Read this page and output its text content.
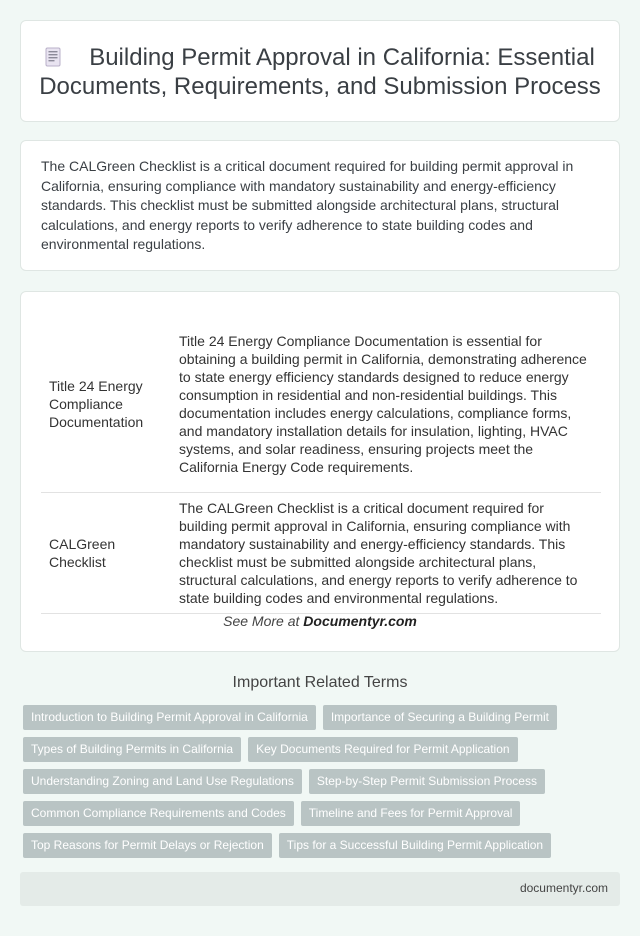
Building Permit Approval in California: Essential Documents, Requirements, and Submission Process

The CALGreen Checklist is a critical document required for building permit approval in California, ensuring compliance with mandatory sustainability and energy-efficiency standards. This checklist must be submitted alongside architectural plans, structural calculations, and energy reports to verify adherence to state building codes and environmental regulations.

Title 24 Energy Compliance Documentation	Title 24 Energy Compliance Documentation is essential for obtaining a building permit in California, demonstrating adherence to state energy efficiency standards designed to reduce energy consumption in residential and non-residential buildings. This documentation includes energy calculations, compliance forms, and mandatory installation details for insulation, lighting, HVAC systems, and solar readiness, ensuring projects meet the California Energy Code requirements.
CALGreen Checklist	The CALGreen Checklist is a critical document required for building permit approval in California, ensuring compliance with mandatory sustainability and energy-efficiency standards. This checklist must be submitted alongside architectural plans, structural calculations, and energy reports to verify adherence to state building codes and environmental regulations.
See More at Documentyr.com
Important Related Terms
Introduction to Building Permit Approval in California Importance of Securing a Building Permit
Types of Building Permits in California Key Documents Required for Permit Application
Understanding Zoning and Land Use Regulations Step-by-Step Permit Submission Process
Common Compliance Requirements and Codes Timeline and Fees for Permit Approval
Top Reasons for Permit Delays or Rejection Tips for a Successful Building Permit Application
documentyr.com
